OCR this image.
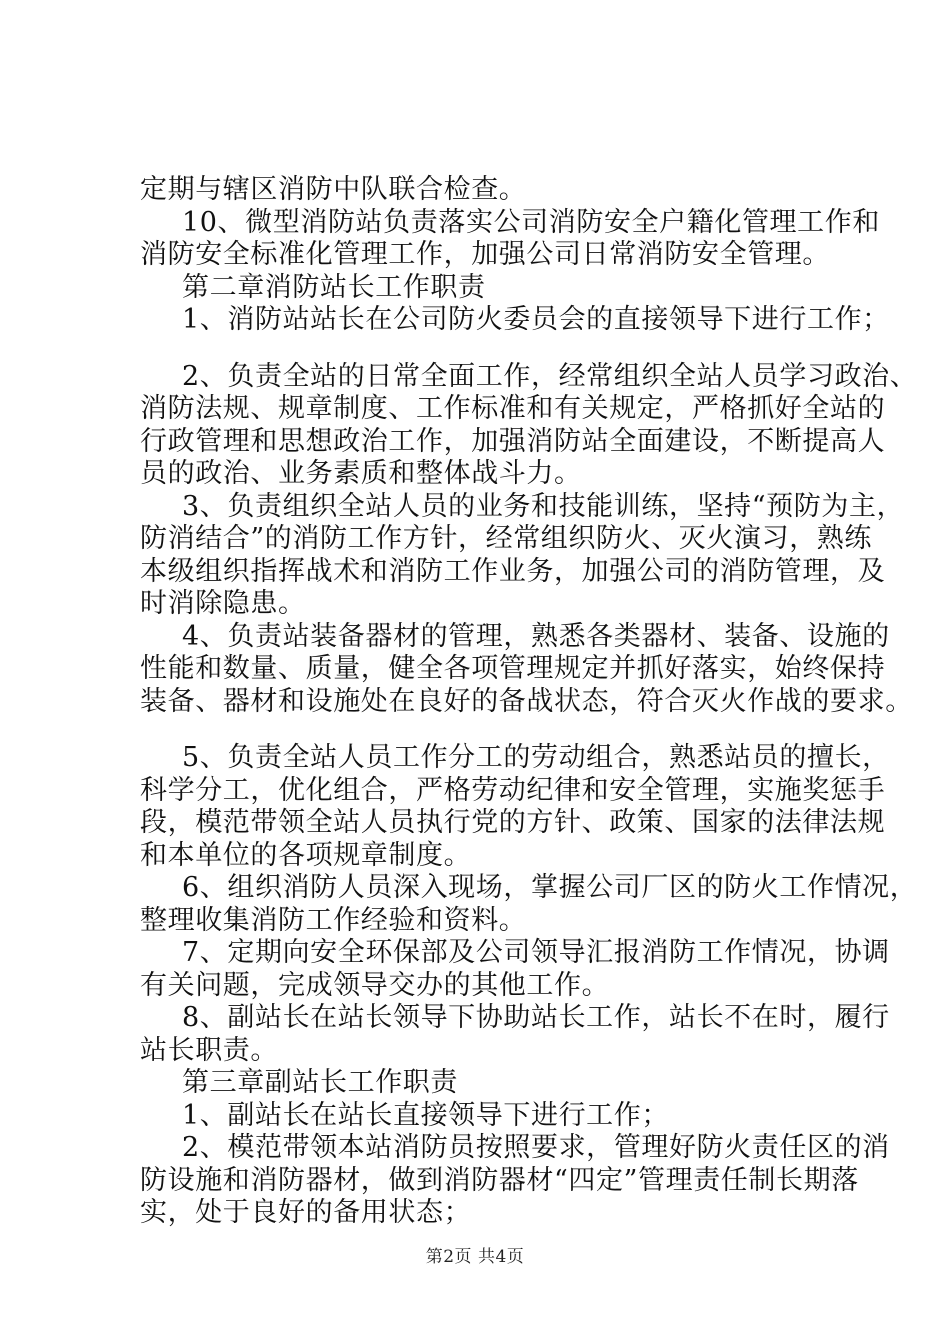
定期与辖区消防中队联合检查。
10、微型消防站负责落实公司消防安全户籍化管理工作和
消防安全标准化管理工作，加强公司日常消防安全管理。
第二章消防站长工作职责
1、消防站站长在公司防火委员会的直接领导下进行工作；
2、负责全站的日常全面工作，经常组织全站人员学习政治、
消防法规、规章制度、工作标准和有关规定，严格抓好全站的
行政管理和思想政治工作，加强消防站全面建设，不断提高人
员的政治、业务素质和整体战斗力。
3、负责组织全站人员的业务和技能训练，坚持“预防为主，
防消结合”的消防工作方针，经常组织防火、灭火演习，熟练
本级组织指挥战术和消防工作业务，加强公司的消防管理，及
时消除隐患。
4、负责站装备器材的管理，熟悉各类器材、装备、设施的
性能和数量、质量，健全各项管理规定并抓好落实，始终保持
装备、器材和设施处在良好的备战状态，符合灭火作战的要求。
5、负责全站人员工作分工的劳动组合，熟悉站员的擅长，
科学分工，优化组合，严格劳动纪律和安全管理，实施奖惩手
段，模范带领全站人员执行党的方针、政策、国家的法律法规
和本单位的各项规章制度。
6、组织消防人员深入现场，掌握公司厂区的防火工作情况，
整理收集消防工作经验和资料。
7、定期向安全环保部及公司领导汇报消防工作情况，协调
有关问题，完成领导交办的其他工作。
8、副站长在站长领导下协助站长工作，站长不在时，履行
站长职责。
第三章副站长工作职责
1、副站长在站长直接领导下进行工作；
2、模范带领本站消防员按照要求，管理好防火责任区的消
防设施和消防器材，做到消防器材“四定”管理责任制长期落
实，处于良好的备用状态；
第2页 共4页
